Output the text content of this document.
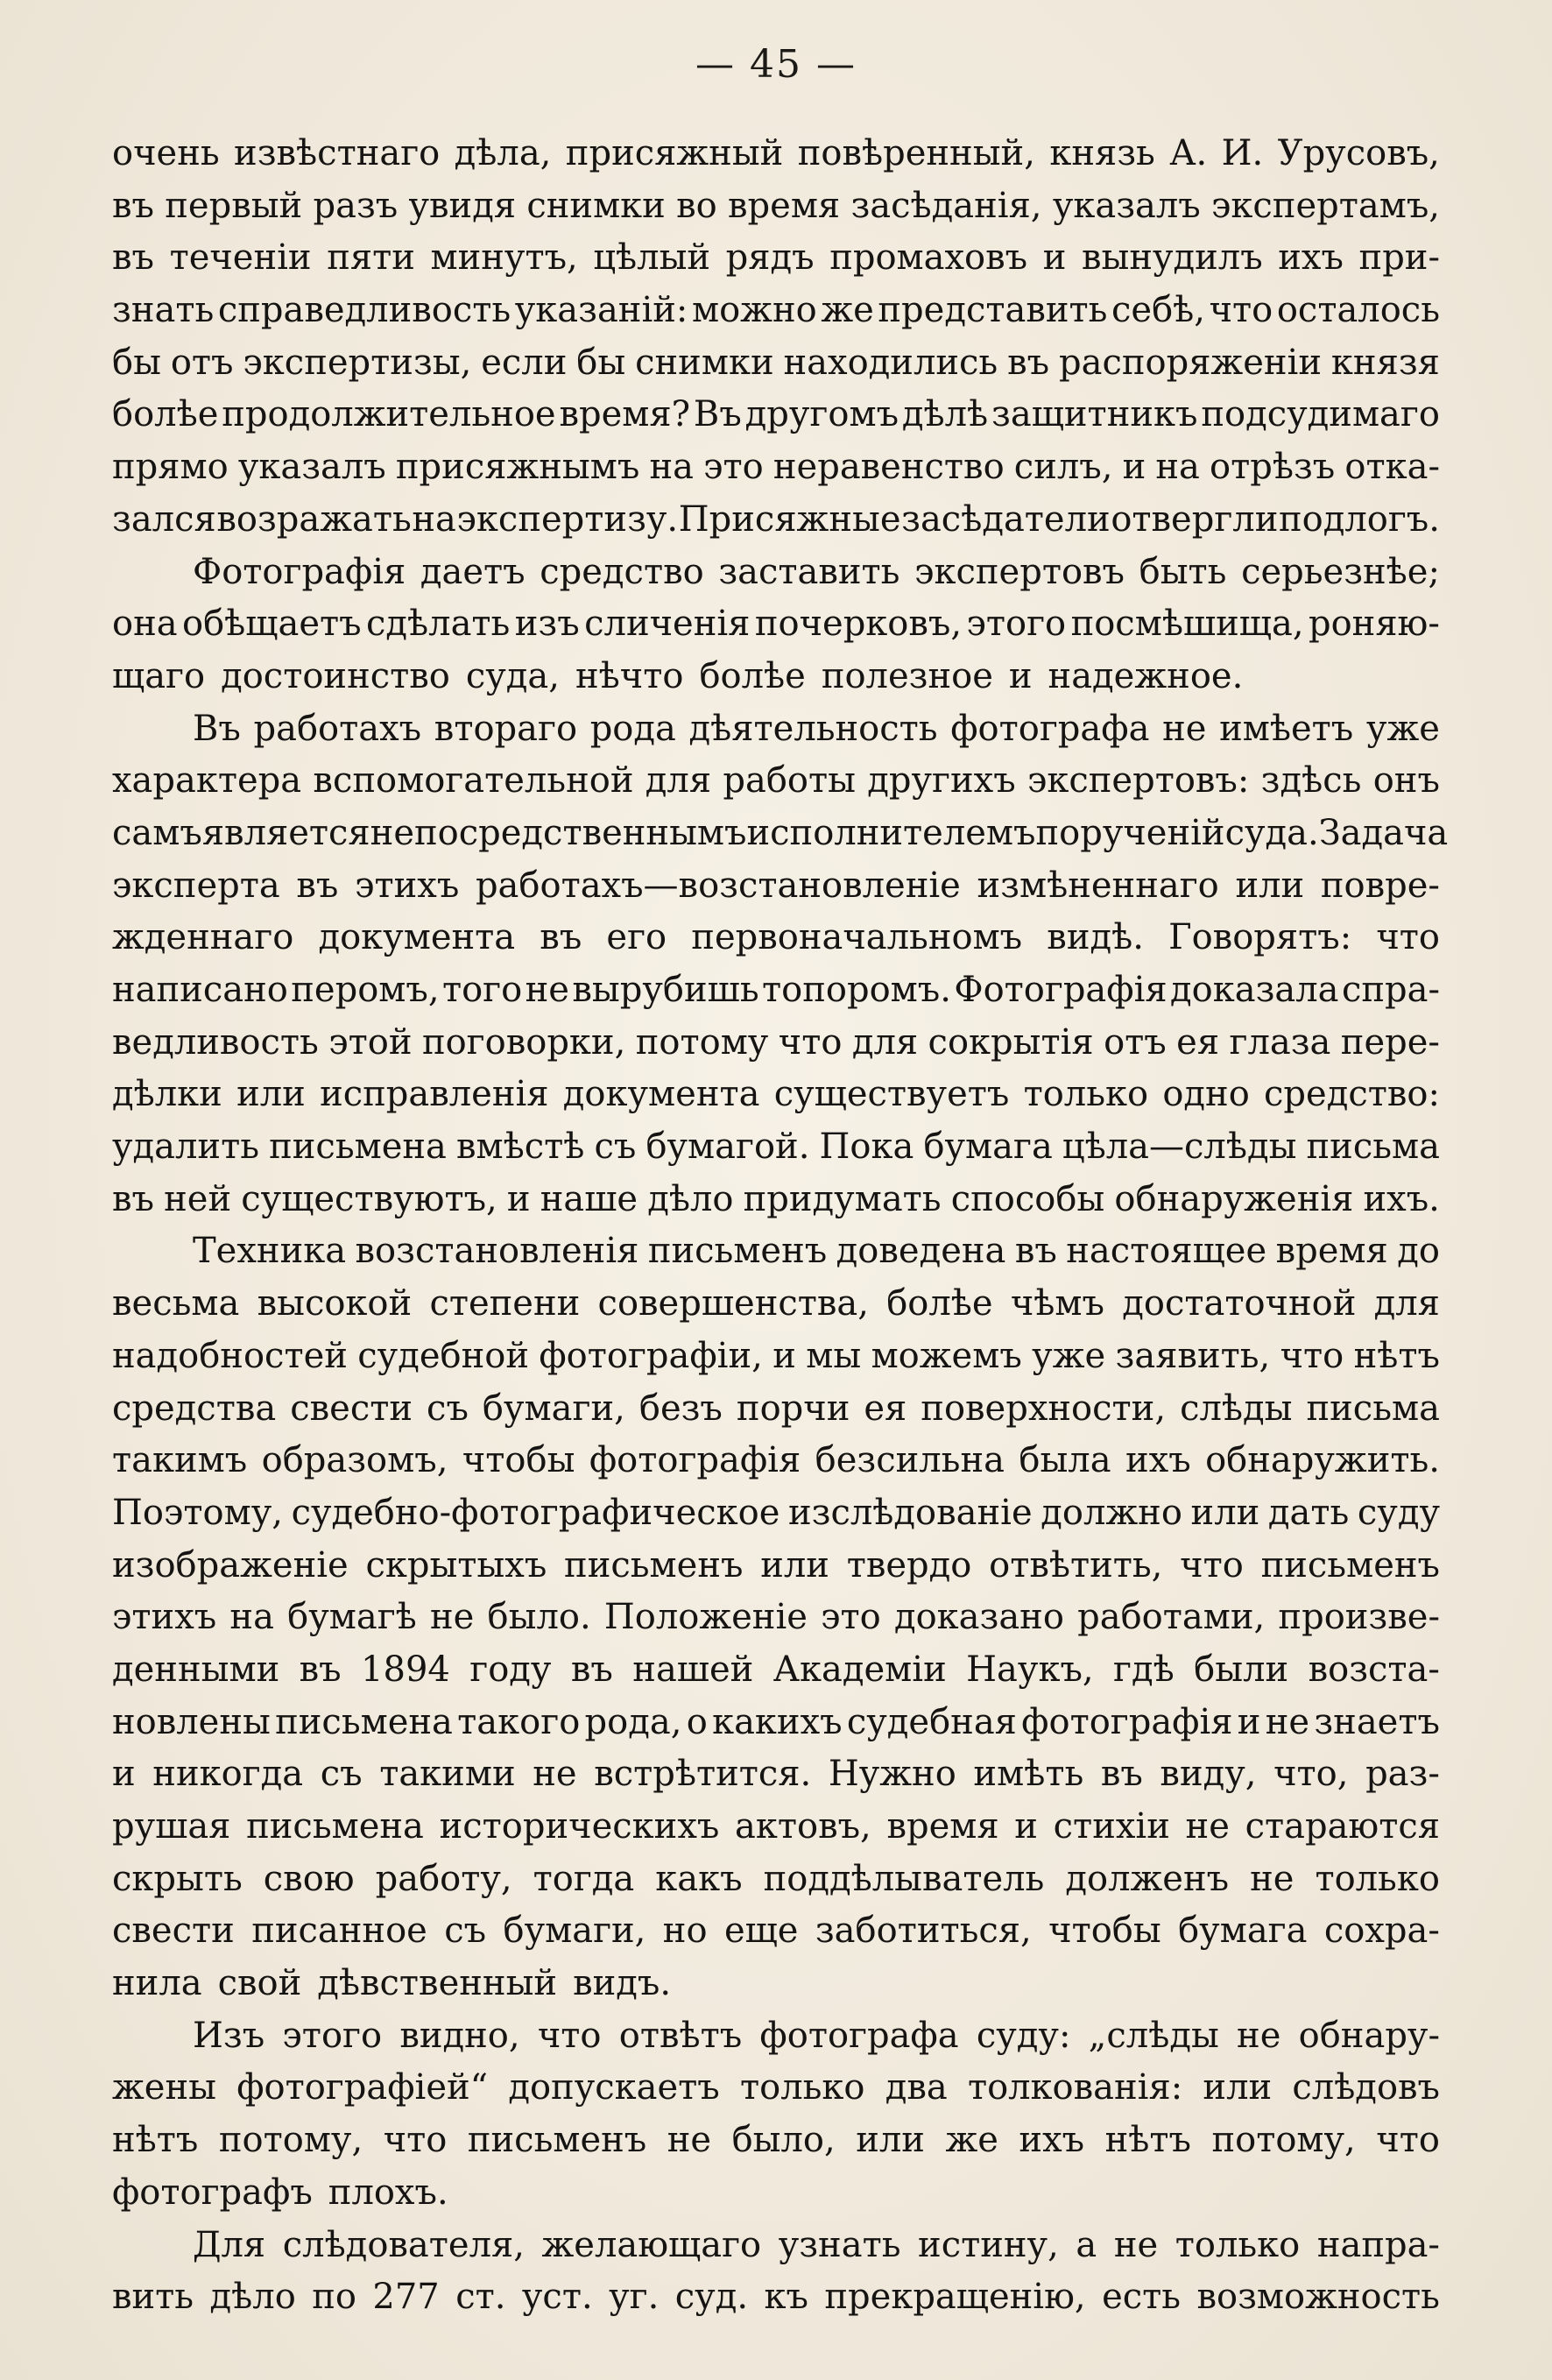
— 45 —
очень извѣстнаго дѣла, присяжный повѣренный, князь А. И. Урусовъ,
въ первый разъ увидя снимки во время засѣданія, указалъ экспертамъ,
въ теченіи пяти минутъ, цѣлый рядъ промаховъ и вынудилъ ихъ при-
знать справедливость указаній: можно же представить себѣ, что осталось
бы отъ экспертизы, если бы снимки находились въ распоряженіи князя
болѣе продолжительное время? Въ другомъ дѣлѣ защитникъ подсудимаго
прямо указалъ присяжнымъ на это неравенство силъ, и на отрѣзъ отка-
зался возражать на экспертизу. Присяжные засѣдатели отвергли подлогъ.
Фотографія даетъ средство заставить экспертовъ быть серьезнѣе;
она обѣщаетъ сдѣлать изъ сличенія почерковъ, этого посмѣшища, роняю-
щаго достоинство суда, нѣчто болѣе полезное и надежное.
Въ работахъ втораго рода дѣятельность фотографа не имѣетъ уже
характера вспомогательной для работы другихъ экспертовъ: здѣсь онъ
самъ является непосредственнымъ исполнителемъ порученій суда. Задача
эксперта въ этихъ работахъ—возстановленіе измѣненнаго или повре-
жденнаго документа въ его первоначальномъ видѣ. Говорятъ: что
написано перомъ, того не вырубишь топоромъ. Фотографія доказала спра-
ведливость этой поговорки, потому что для сокрытія отъ ея глаза пере-
дѣлки или исправленія документа существуетъ только одно средство:
удалить письмена вмѣстѣ съ бумагой. Пока бумага цѣла—слѣды письма
въ ней существуютъ, и наше дѣло придумать способы обнаруженія ихъ.
Техника возстановленія письменъ доведена въ настоящее время до
весьма высокой степени совершенства, болѣе чѣмъ достаточной для
надобностей судебной фотографіи, и мы можемъ уже заявить, что нѣтъ
средства свести съ бумаги, безъ порчи ея поверхности, слѣды письма
такимъ образомъ, чтобы фотографія безсильна была ихъ обнаружить.
Поэтому, судебно-фотографическое изслѣдованіе должно или дать суду
изображеніе скрытыхъ письменъ или твердо отвѣтить, что письменъ
этихъ на бумагѣ не было. Положеніе это доказано работами, произве-
денными въ 1894 году въ нашей Академіи Наукъ, гдѣ были возста-
новлены письмена такого рода, о какихъ судебная фотографія и не знаетъ
и никогда съ такими не встрѣтится. Нужно имѣть въ виду, что, раз-
рушая письмена историческихъ актовъ, время и стихіи не стараются
скрыть свою работу, тогда какъ поддѣлыватель долженъ не только
свести писанное съ бумаги, но еще заботиться, чтобы бумага сохра-
нила свой дѣвственный видъ.
Изъ этого видно, что отвѣтъ фотографа суду: „слѣды не обнару-
жены фотографіей“ допускаетъ только два толкованія: или слѣдовъ
нѣтъ потому, что письменъ не было, или же ихъ нѣтъ потому, что
фотографъ плохъ.
Для слѣдователя, желающаго узнать истину, а не только напра-
вить дѣло по 277 ст. уст. уг. суд. къ прекращенію, есть возможность
